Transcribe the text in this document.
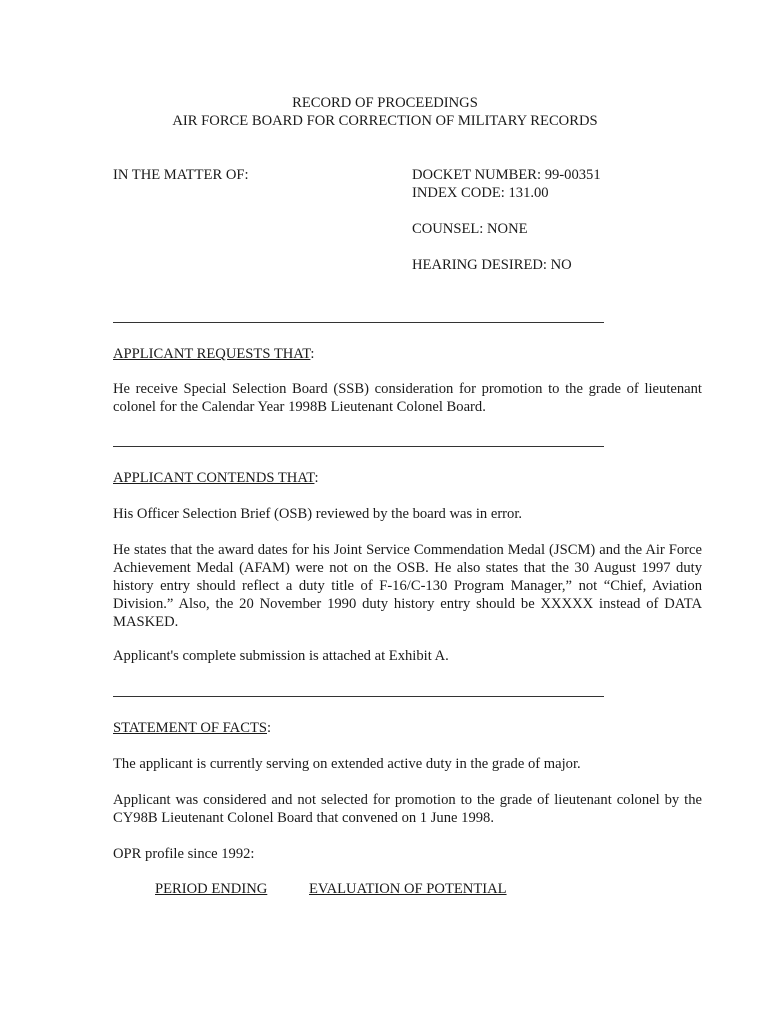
RECORD OF PROCEEDINGS
AIR FORCE BOARD FOR CORRECTION OF MILITARY RECORDS
IN THE MATTER OF:	DOCKET NUMBER: 99-00351
INDEX CODE: 131.00
COUNSEL: NONE
HEARING DESIRED: NO
APPLICANT REQUESTS THAT:
He receive Special Selection Board (SSB) consideration for promotion to the grade of lieutenant colonel for the Calendar Year 1998B Lieutenant Colonel Board.
APPLICANT CONTENDS THAT:
His Officer Selection Brief (OSB) reviewed by the board was in error.
He states that the award dates for his Joint Service Commendation Medal (JSCM) and the Air Force Achievement Medal (AFAM) were not on the OSB. He also states that the 30 August 1997 duty history entry should reflect a duty title of F-16/C-130 Program Manager,” not “Chief, Aviation Division.” Also, the 20 November 1990 duty history entry should be XXXXX instead of DATA MASKED.
Applicant's complete submission is attached at Exhibit A.
STATEMENT OF FACTS:
The applicant is currently serving on extended active duty in the grade of major.
Applicant was considered and not selected for promotion to the grade of lieutenant colonel by the CY98B Lieutenant Colonel Board that convened on 1 June 1998.
OPR profile since 1992:
PERIOD ENDING	EVALUATION OF POTENTIAL
